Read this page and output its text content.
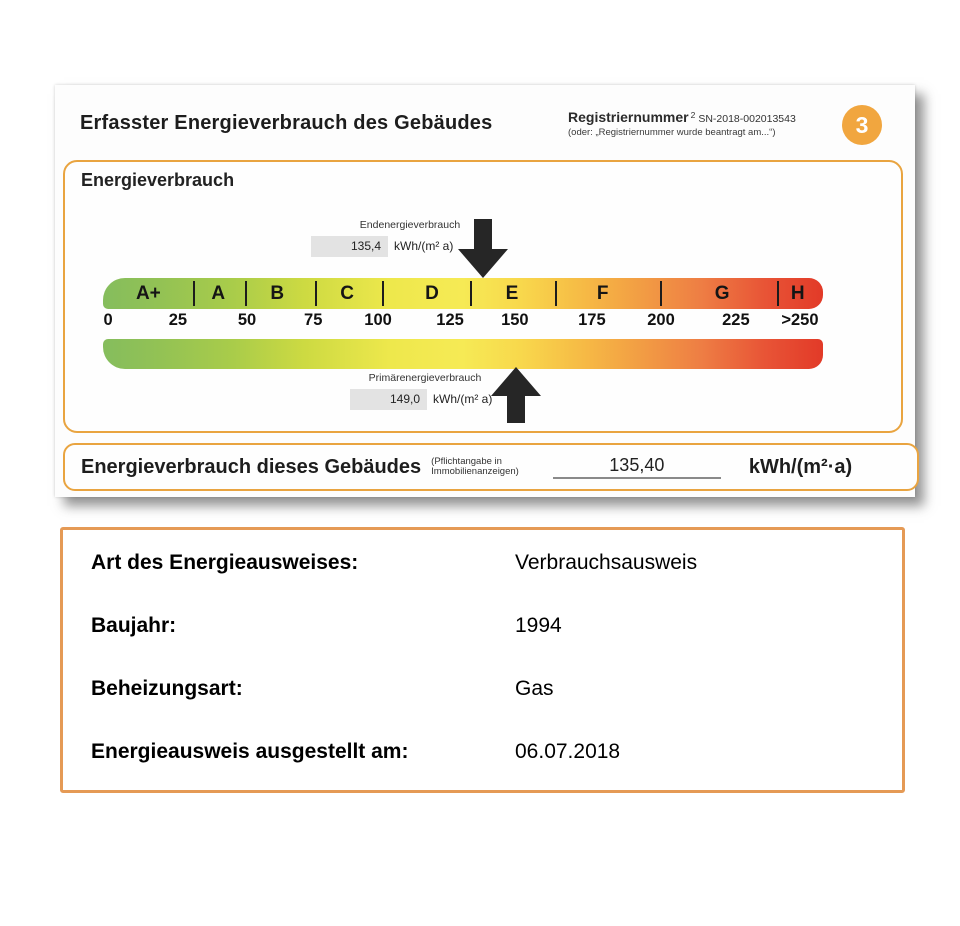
Erfasster Energieverbrauch des Gebäudes	Registriernummer $^2$ SN-2018-002013543
(oder: „Registriernummer wurde beantragt am...“)	3
Energieverbrauch
Endenergieverbrauch
135,4 kWh/(m² a)
A+	A B	C	D	E	F	G	H
0	25	50	75	100	125 150	175	200	225 >250
Primärenergieverbrauch
149,0 kWh/(m² a)
Energieverbrauch dieses Gebäudes (Pflichtangabe in
Immobilienanzeigen)	135,40	kWh/(m²·a)
Art des Energieausweises:	Verbrauchsausweis
Baujahr:	1994
Beheizungsart:	Gas
Energieausweis ausgestellt am:	06.07.2018
